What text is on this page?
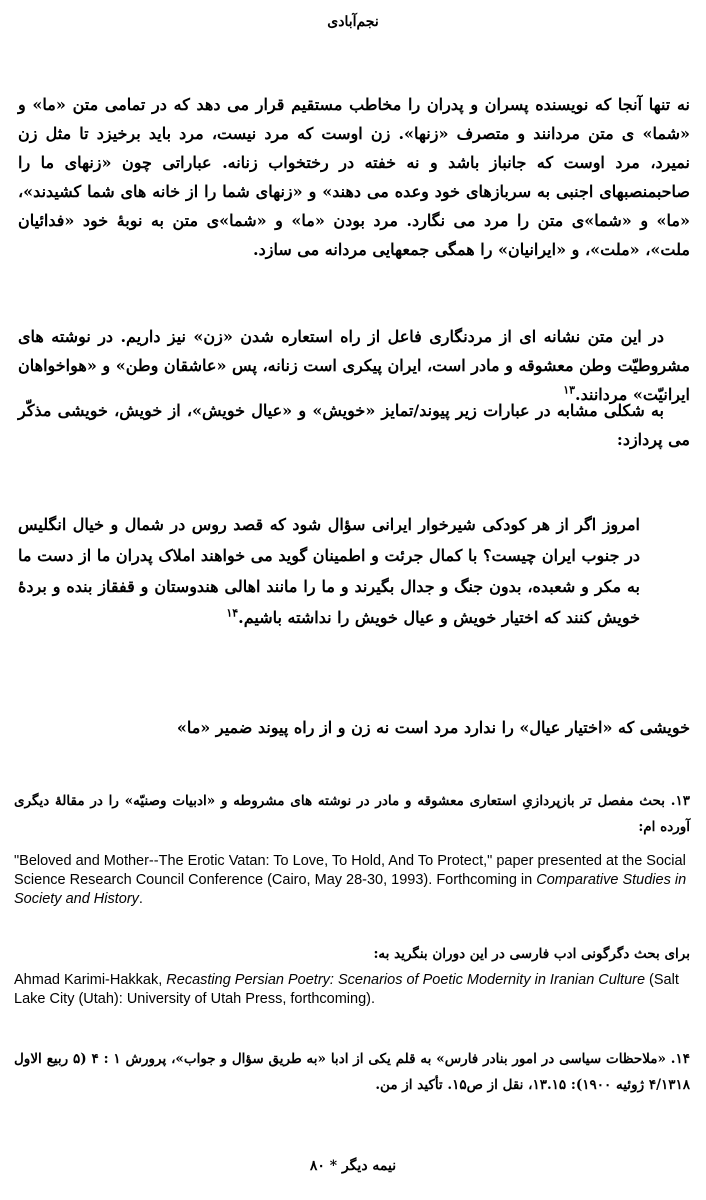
نجم‌آبادی
نه تنها آنجا که نویسنده پسران و پدران را مخاطب مستقیم قرار می دهد که در تمامی متن «ما» و «شما» ی متن مردانند و متصرف «زنها». زن اوست که مرد نیست، مرد باید برخیزد تا مثل زن نمیرد، مرد اوست که جانباز باشد و نه خفته در رختخواب زنانه. عباراتی چون «زنهای ما را صاحبمنصبهای اجنبی به سربازهای خود وعده می دهند» و «زنهای شما را از خانه های شما کشیدند»، «ما» و «شما»ی متن را مرد می نگارد. مرد بودن «ما» و «شما»ی متن به نوبهٔ خود «فدائیان ملت»، «ملت»، و «ایرانیان» را همگی جمعهایی مردانه می سازد.
در این متن نشانه ای از مردنگاری فاعل از راه استعاره شدن «زن» نیز داریم. در نوشته های مشروطیّت وطن معشوقه و مادر است، ایران پیکری است زنانه، پس «عاشقان وطن» و «هواخواهان ایرانیّت» مردانند.$^{۱۳}$
به شکلی مشابه در عبارات زیر پیوند/تمایز «خویش» و «عیال خویش»، از خویش، خویشی مذکّر می پردازد:
امروز اگر از هر کودکی شیرخوار ایرانی سؤال شود که قصد روس در شمال و خیال انگلیس در جنوب ایران چیست؟ با کمال جرئت و اطمینان گوید می خواهند املاک پدران ما از دست ما به مکر و شعبده، بدون جنگ و جدال بگیرند و ما را مانند اهالی هندوستان و قفقاز بنده و بردهٔ خویش کنند که اختیار خویش و عیال خویش را نداشته باشیم.$^{۱۴}$
خویشی که «اختیار عیال» را ندارد مرد است نه زن و از راه پیوند ضمیر «ما»
۱۳. بحث مفصل تر بازپردازیِ استعاری معشوقه و مادر در نوشته های مشروطه و «ادبیات وصنیّه» را در مقالهٔ دیگری آورده ام:
"Beloved and Mother--The Erotic Vatan: To Love, To Hold, And To Protect," paper presented at the Social Science Research Council Conference (Cairo, May 28-30, 1993). Forthcoming in Comparative Studies in Society and History.
برای بحث دگرگونی ادب فارسی در این دوران بنگرید به:
Ahmad Karimi-Hakkak, Recasting Persian Poetry: Scenarios of Poetic Modernity in Iranian Culture (Salt Lake City (Utah): University of Utah Press, forthcoming).
۱۴. «ملاحظات سیاسی در امور بنادر فارس» به قلم یکی از ادبا «به طریق سؤال و جواب»، پرورش ۱ : ۴ (۵ ربیع الاول ۴/۱۳۱۸ ژوئیه ۱۹۰۰): ۱۳.۱۵، نقل از ص۱۵. تأکید از من.
نیمه دیگر * ۸۰
